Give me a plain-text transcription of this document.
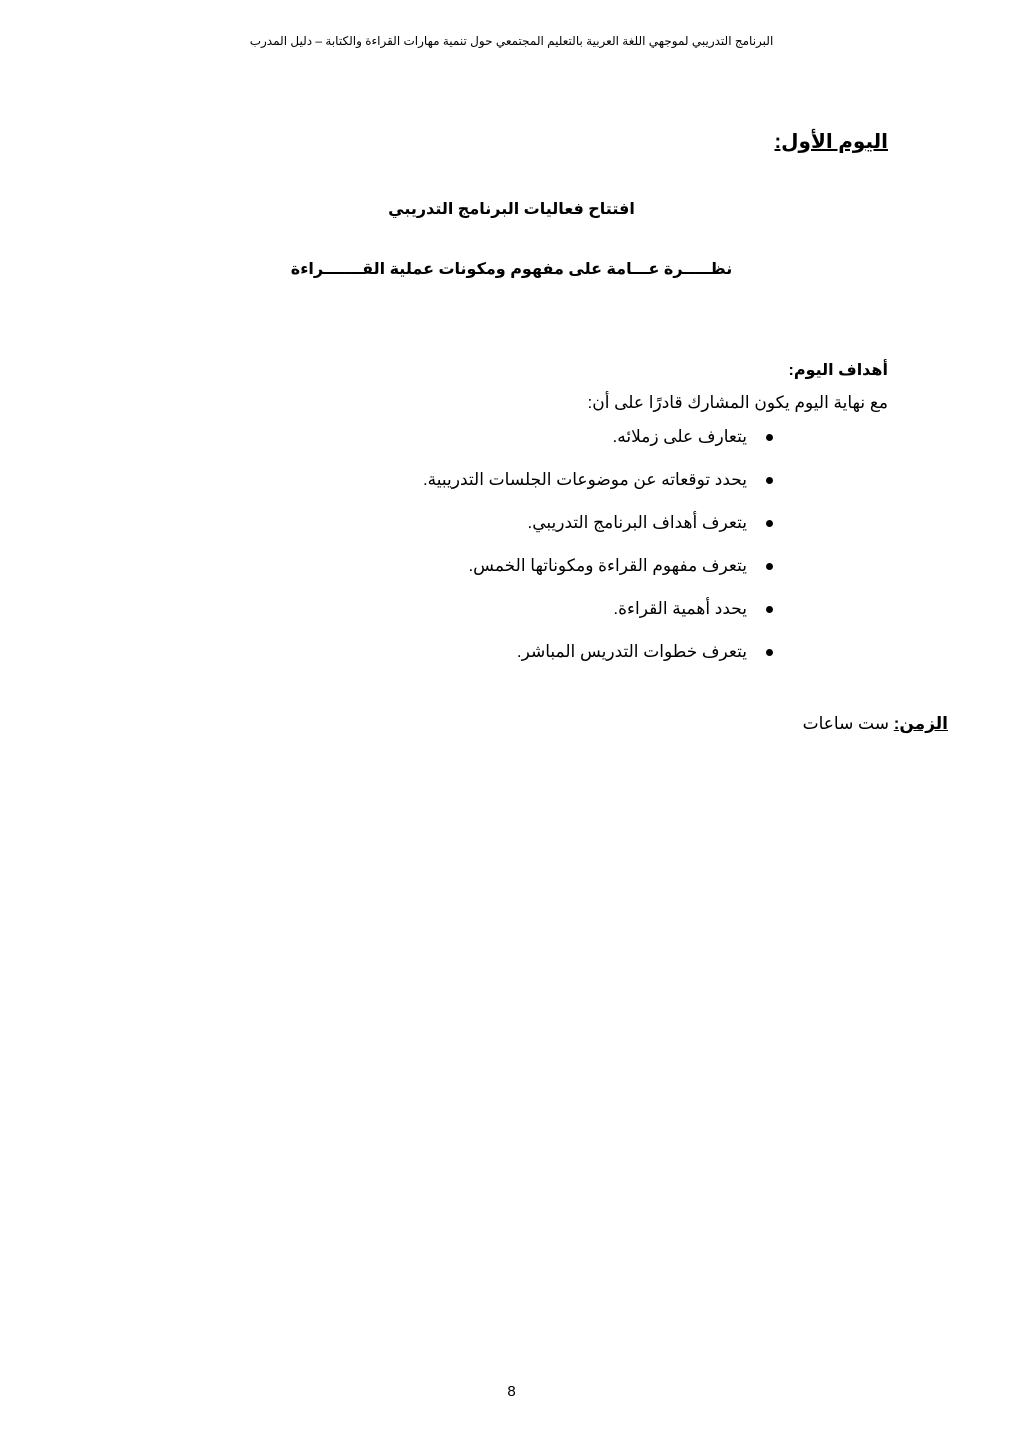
البرنامج التدريبي لموجهي اللغة العربية بالتعليم المجتمعي حول تنمية مهارات القراءة والكتابة – دليل المدرب
اليوم الأول:
افتتاح فعاليات البرنامج التدريبي
نظـــــرة عـــامة على مفهوم ومكونات عملية القـــــــراءة
أهداف اليوم:
مع نهاية اليوم يكون المشارك قادرًا على أن:
يتعارف على زملائه.
يحدد توقعاته عن موضوعات الجلسات التدريبية.
يتعرف أهداف البرنامج التدريبي.
يتعرف مفهوم القراءة ومكوناتها الخمس.
يحدد أهمية القراءة.
يتعرف خطوات التدريس المباشر.
الزمن: ست ساعات
8
